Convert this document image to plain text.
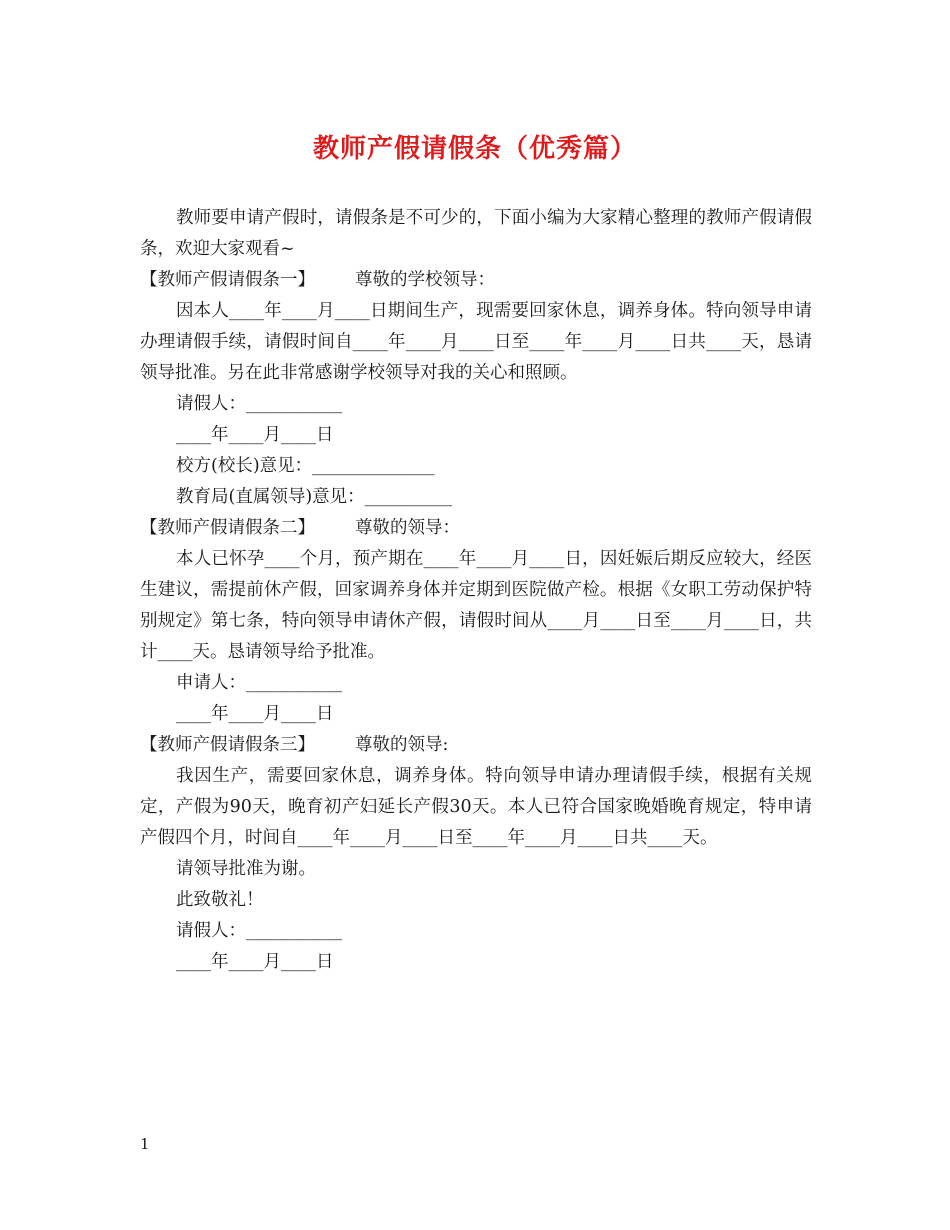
教师产假请假条（优秀篇）

教师要申请产假时，请假条是不可少的，下面小编为大家精心整理的教师产假请假条，欢迎大家观看~

【教师产假请假条一】 尊敬的学校领导：

因本人____年____月____日期间生产，现需要回家休息，调养身体。特向领导申请办理请假手续，请假时间自____年____月____日至____年____月____日共____天，恳请领导批准。另在此非常感谢学校领导对我的关心和照顾。

请假人：___________

____年____月____日

校方(校长)意见：______________

教育局(直属领导)意见：__________

【教师产假请假条二】 尊敬的领导：

本人已怀孕____个月，预产期在____年____月____日，因妊娠后期反应较大，经医生建议，需提前休产假，回家调养身体并定期到医院做产检。根据《女职工劳动保护特别规定》第七条，特向领导申请休产假，请假时间从____月____日至____月____日，共计____天。恳请领导给予批准。

申请人：___________

____年____月____日

【教师产假请假条三】 尊敬的领导:

我因生产，需要回家休息，调养身体。特向领导申请办理请假手续，根据有关规定，产假为90天，晚育初产妇延长产假30天。本人已符合国家晚婚晚育规定，特申请产假四个月，时间自____年____月____日至____年____月____日共____天。

请领导批准为谢。

此致敬礼！

请假人：___________

____年____月____日

1
